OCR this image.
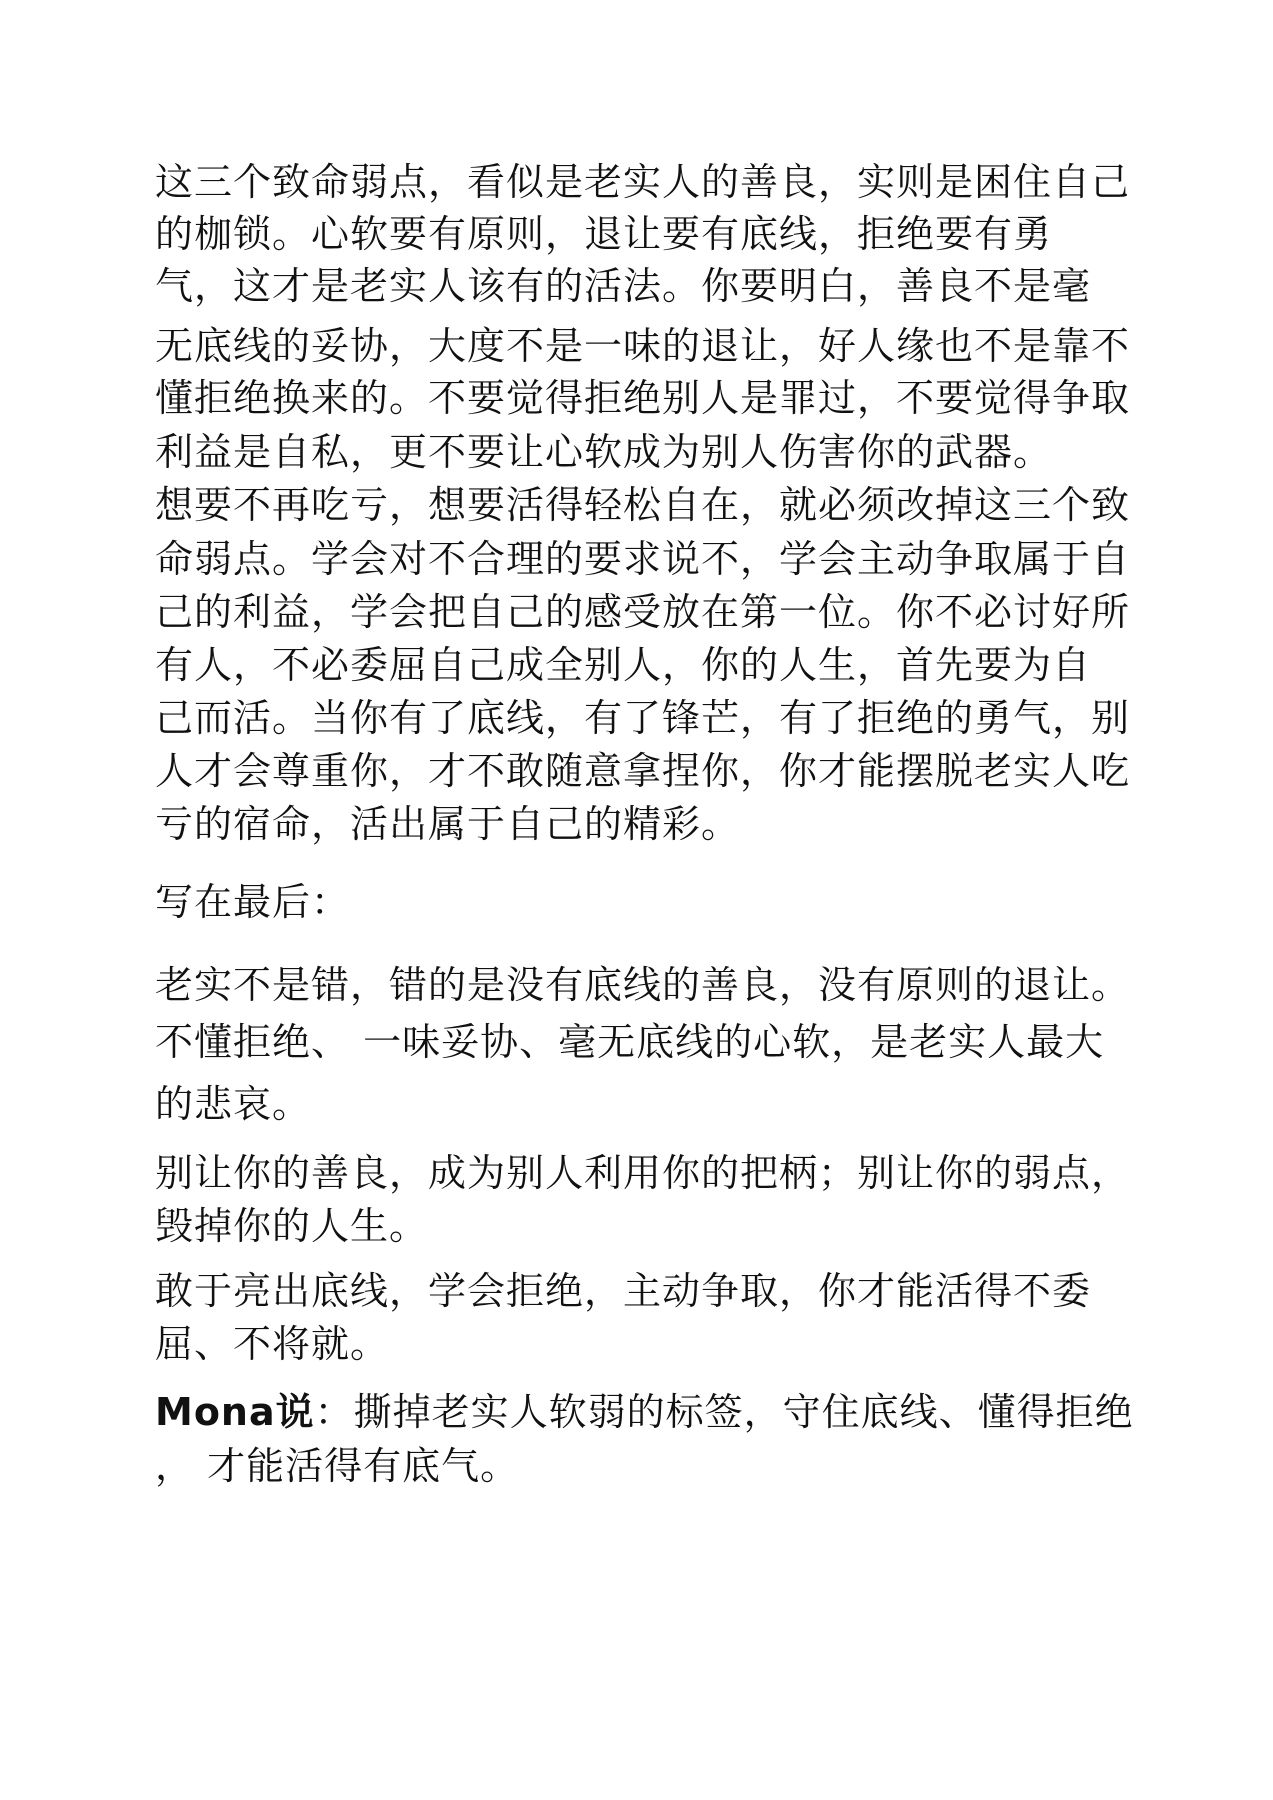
这三个致命弱点，看似是老实人的善良，实则是困住自己

的枷锁。心软要有原则，退让要有底线，拒绝要有勇

气，这才是老实人该有的活法。你要明白，善良不是毫

无底线的妥协，大度不是一味的退让，好人缘也不是靠不

懂拒绝换来的。不要觉得拒绝别人是罪过，不要觉得争取

利益是自私，更不要让心软成为别人伤害你的武器。

想要不再吃亏，想要活得轻松自在，就必须改掉这三个致

命弱点。学会对不合理的要求说不，学会主动争取属于自

己的利益，学会把自己的感受放在第一位。你不必讨好所

有人，不必委屈自己成全别人，你的人生，首先要为自

己而活。当你有了底线，有了锋芒，有了拒绝的勇气，别

人才会尊重你，才不敢随意拿捏你，你才能摆脱老实人吃

亏的宿命，活出属于自己的精彩。

写在最后：

老实不是错，错的是没有底线的善良，没有原则的退让。

不懂拒绝、 一味妥协、毫无底线的心软，是老实人最大

的悲哀。

别让你的善良，成为别人利用你的把柄；别让你的弱点，

毁掉你的人生。

敢于亮出底线，学会拒绝，主动争取，你才能活得不委

屈、不将就。

Mona说：撕掉老实人软弱的标签，守住底线、懂得拒绝

， 才能活得有底气。
